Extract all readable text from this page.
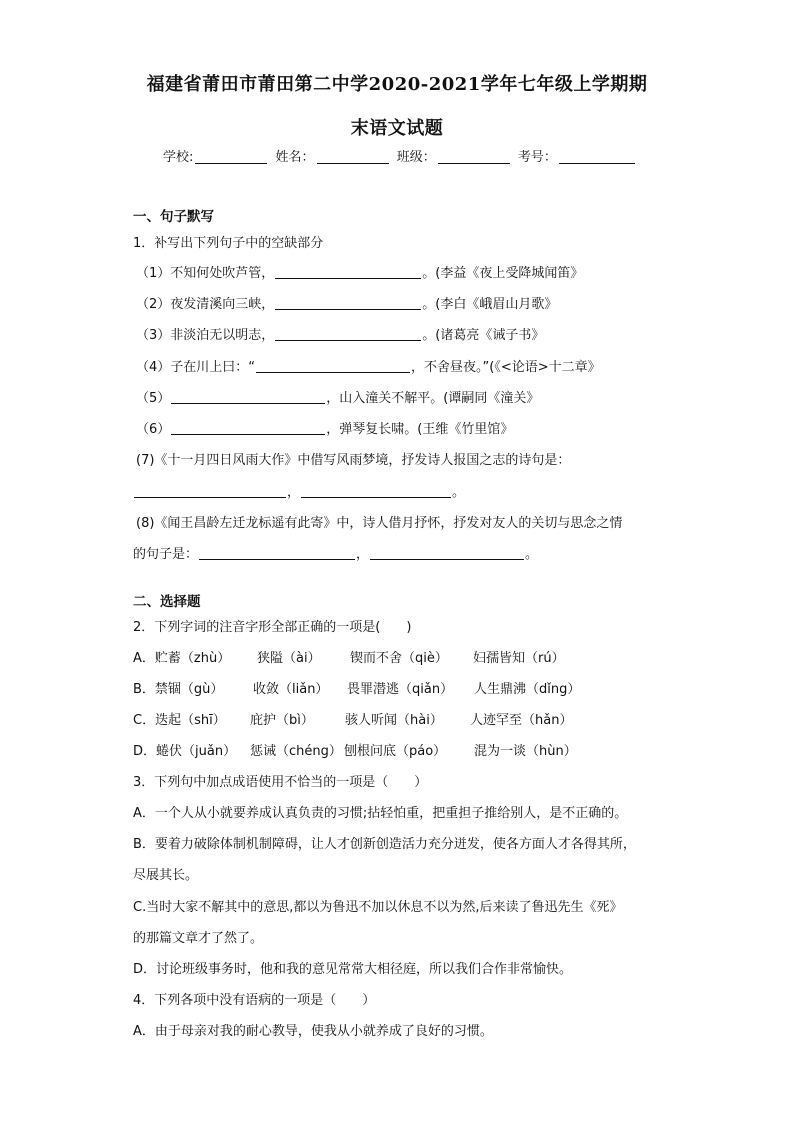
福建省莆田市莆田第二中学2020-2021学年七年级上学期期
末语文试题
学校:	姓名：	班级：	考号：
一、句子默写
1．补写出下列句子中的空缺部分
（1）不知何处吹芦管，	。(李益《夜上受降城闻笛》
（2）夜发清溪向三峡，	。(李白《峨眉山月歌》
（3）非淡泊无以明志，	。(诸葛亮《诫子书》
（4）子在川上曰：“	，不舍昼夜。”(《<论语>十二章》
（5）	，山入潼关不解平。(谭嗣同《潼关》
（6）	，弹琴复长啸。(王维《竹里馆》
(7)《十一月四日风雨大作》中借写风雨梦境，抒发诗人报国之志的诗句是：
，	。
(8)《闻王昌龄左迁龙标遥有此寄》中，诗人借月抒怀，抒发对友人的关切与思念之情
的句子是：	，	。
二、选择题
2．下列字词的注音字形全部正确的一项是(　　)
A．贮蓄（zhù） 狭隘（ài） 锲而不舍（qiè） 妇孺皆知（rú）
B．禁锢（gù） 收敛（liǎn） 畏罪潜逃（qiǎn） 人生鼎沸（dǐng）
C．迭起（shī） 庇护（bì） 骇人听闻（hài） 人迹罕至（hǎn）
D．蜷伏（juǎn） 惩诫（chéng） 刨根问底（páo） 混为一谈（hùn）
3．下列句中加点成语使用不恰当的一项是（　　）
A．一个人从小就要养成认真负责的习惯;拈轻怕重，把重担子推给别人，是不正确的。
B．要着力破除体制机制障碍，让人才创新创造活力充分迸发，使各方面人才各得其所，
尽展其长。
C.当时大家不解其中的意思,都以为鲁迅不加以休息不以为然,后来读了鲁迅先生《死》
的那篇文章才了然了。
D．讨论班级事务时，他和我的意见常常大相径庭，所以我们合作非常愉快。
4．下列各项中没有语病的一项是（　　）
A．由于母亲对我的耐心教导，使我从小就养成了良好的习惯。
